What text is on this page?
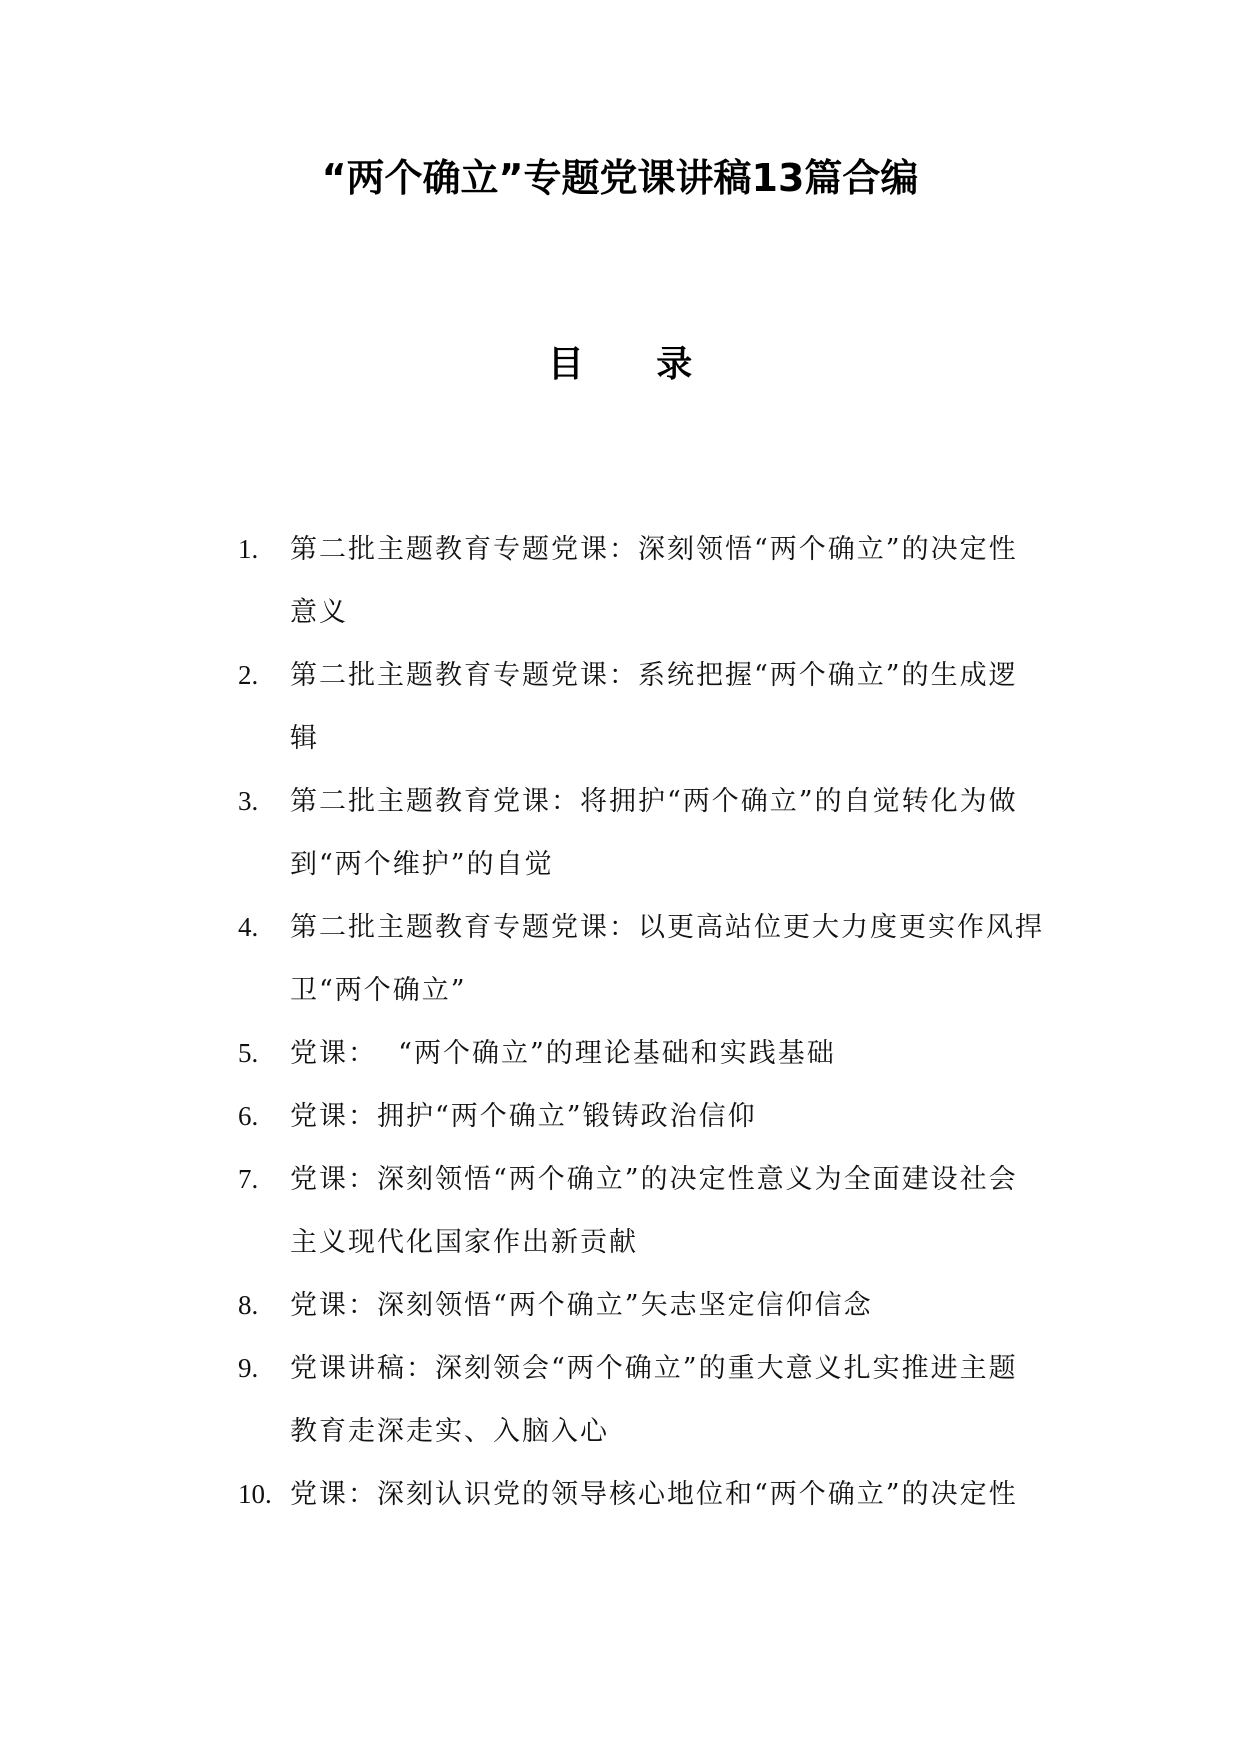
“两个确立”专题党课讲稿13篇合编
目 录
1.	第二批主题教育专题党课：深刻领悟“两个确立”的决定性
意义
2.	第二批主题教育专题党课：系统把握“两个确立”的生成逻
辑
3.	第二批主题教育党课：将拥护“两个确立”的自觉转化为做
到“两个维护”的自觉
4.	第二批主题教育专题党课：以更高站位更大力度更实作风捍
卫“两个确立”
5.	党课：  “两个确立”的理论基础和实践基础
6.	党课：拥护“两个确立”锻铸政治信仰
7.	党课：深刻领悟“两个确立”的决定性意义为全面建设社会
主义现代化国家作出新贡献
8.	党课：深刻领悟“两个确立”矢志坚定信仰信念
9.	党课讲稿：深刻领会“两个确立”的重大意义扎实推进主题
教育走深走实、入脑入心
10. 党课：深刻认识党的领导核心地位和“两个确立”的决定性
